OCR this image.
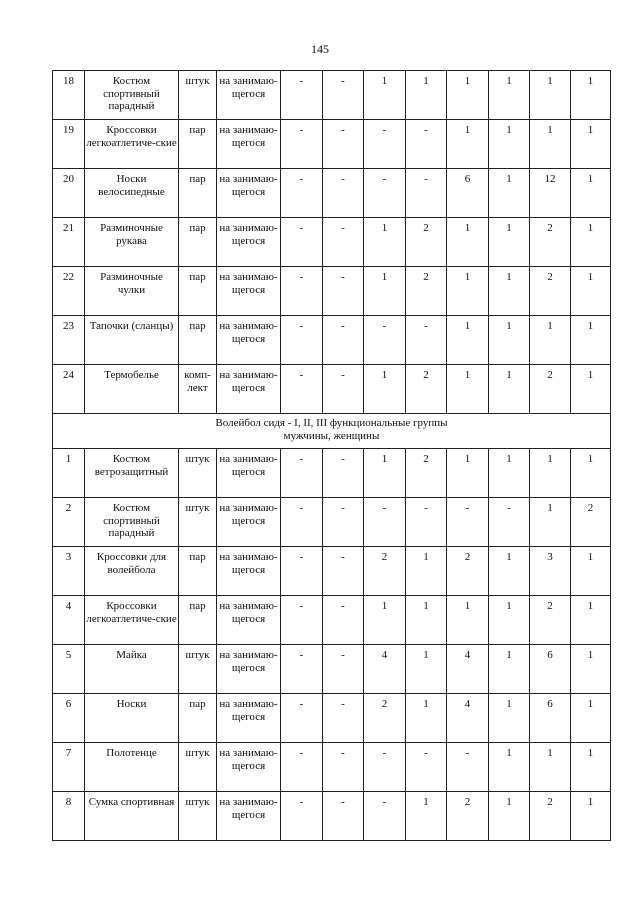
145
18	Костюм спортивный парадный	штук	на занимаю-щегося	-	-	1	1	1	1	1	1
19	Кроссовки легкоатлетиче-ские	пар	на занимаю-щегося	-	-	-	-	1	1	1	1
20	Носки велосипедные	пар	на занимаю-щегося	-	-	-	-	6	1	12	1
21	Разминочные рукава	пар	на занимаю-щегося	-	-	1	2	1	1	2	1
22	Разминочные чулки	пар	на занимаю-щегося	-	-	1	2	1	1	2	1
23	Тапочки (сланцы)	пар	на занимаю-щегося	-	-	-	-	1	1	1	1
24	Термобелье	комп-лект	на занимаю-щегося	-	-	1	2	1	1	2	1

Волейбол сидя - I, II, III функциональные группы
мужчины, женщины											

1	Костюм ветрозащитный	штук	на занимаю-щегося	-	-	1	2	1	1	1	1
2	Костюм спортивный парадный	штук	на занимаю-щегося	-	-	-	-	-	-	1	2
3	Кроссовки для волейбола	пар	на занимаю-щегося	-	-	2	1	2	1	3	1
4	Кроссовки легкоатлетиче-ские	пар	на занимаю-щегося	-	-	1	1	1	1	2	1
5	Майка	штук	на занимаю-щегося	-	-	4	1	4	1	6	1
6	Носки	пар	на занимаю-щегося	-	-	2	1	4	1	6	1
7	Полотенце	штук	на занимаю-щегося	-	-	-	-	-	1	1	1
8	Сумка спортивная	штук	на занимаю-щегося	-	-	-	1	2	1	2	1
